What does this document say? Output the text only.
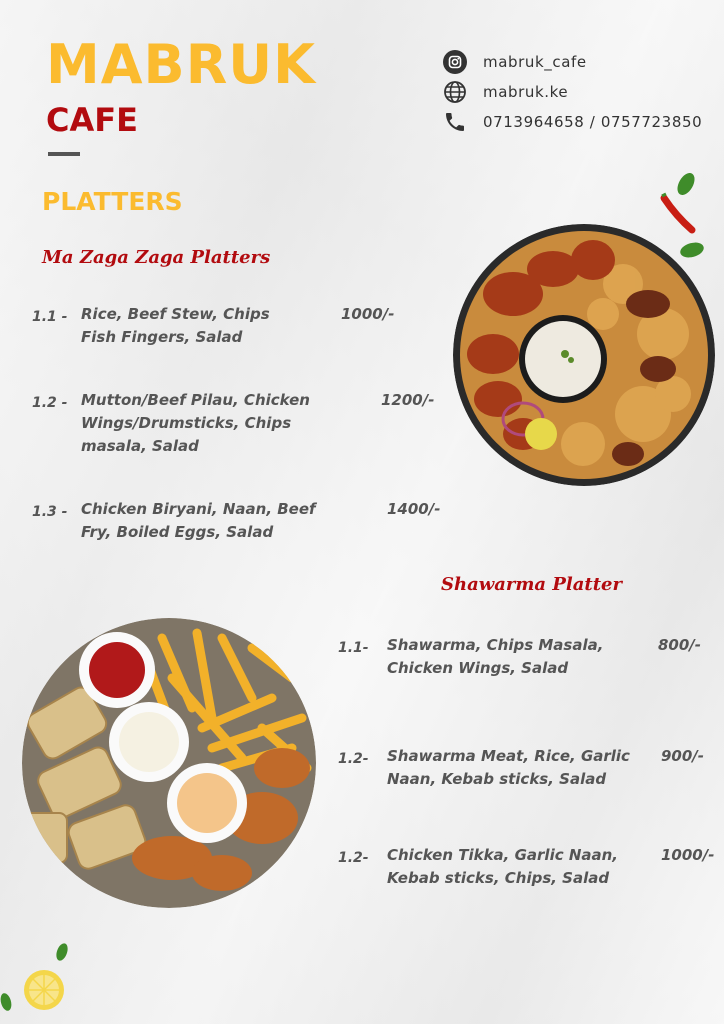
MABRUK
CAFE
PLATTERS
mabruk_cafe
mabruk.ke
0713964658 / 0757723850
Ma Zaga Zaga Platters
1.1 - Rice, Beef Stew, Chips Fish Fingers, Salad
1000/-
1.2 - Mutton/Beef Pilau, Chicken Wings/Drumsticks, Chips masala, Salad
1200/-
1.3 - Chicken Biryani, Naan, Beef Fry, Boiled Eggs, Salad
1400/-
Shawarma Platter
1.1- Shawarma, Chips Masala, Chicken Wings, Salad
800/-
1.2- Shawarma Meat, Rice, Garlic Naan, Kebab sticks, Salad
900/-
1.2- Chicken Tikka, Garlic Naan, Kebab sticks, Chips, Salad
1000/-
